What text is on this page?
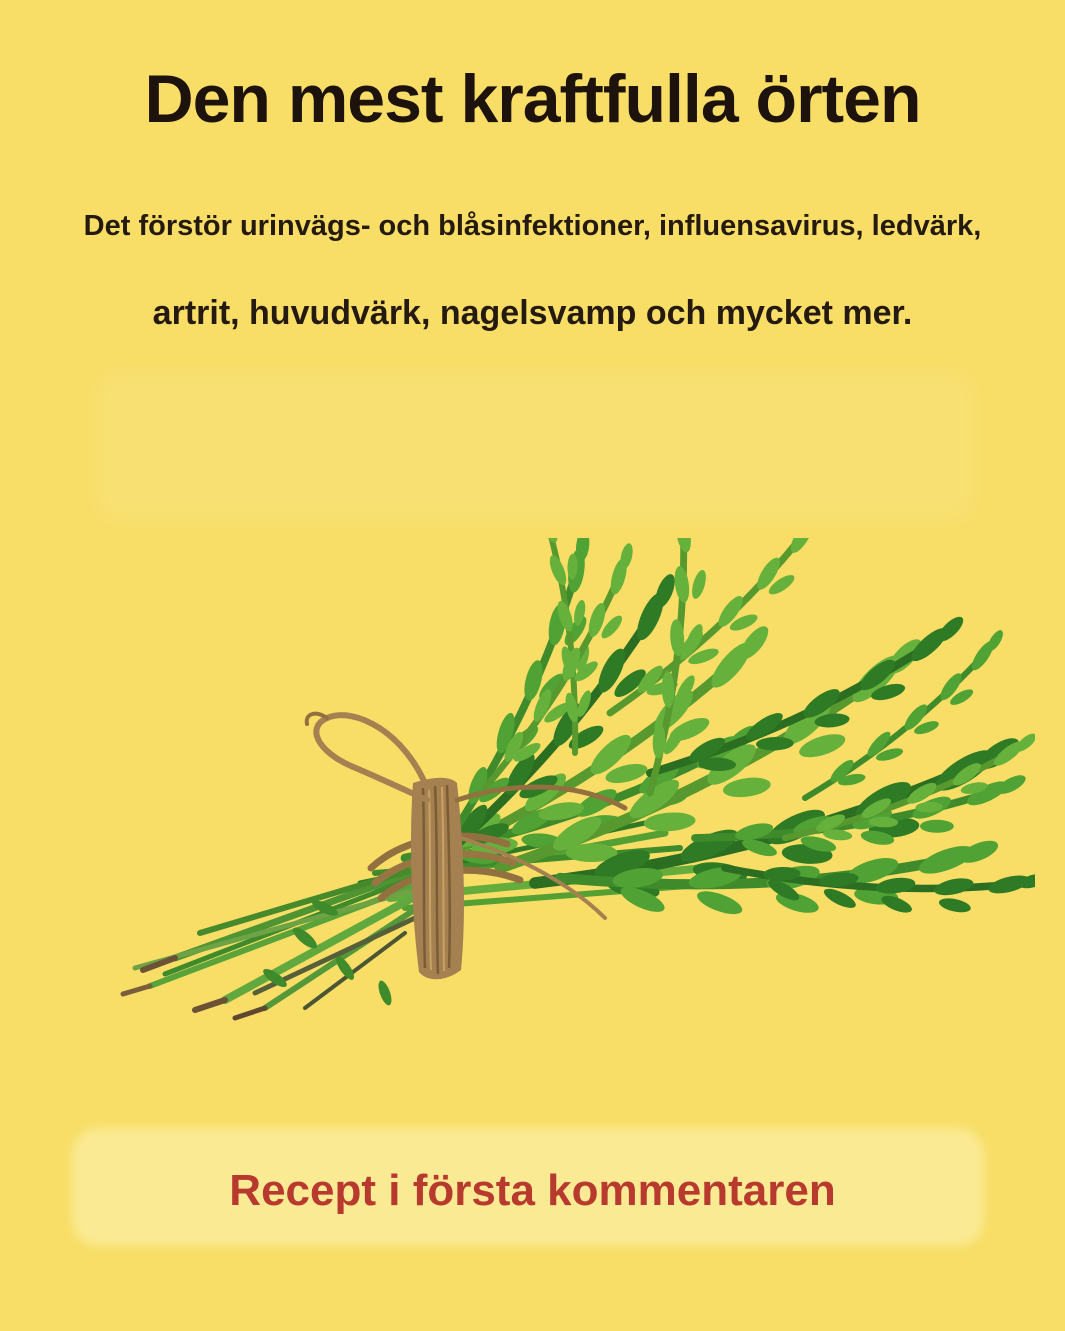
Den mest kraftfulla örten
Det förstör urinvägs- och blåsinfektioner, influensavirus, ledvärk,
artrit, huvudvärk, nagelsvamp och mycket mer.
Recept i första kommentaren
